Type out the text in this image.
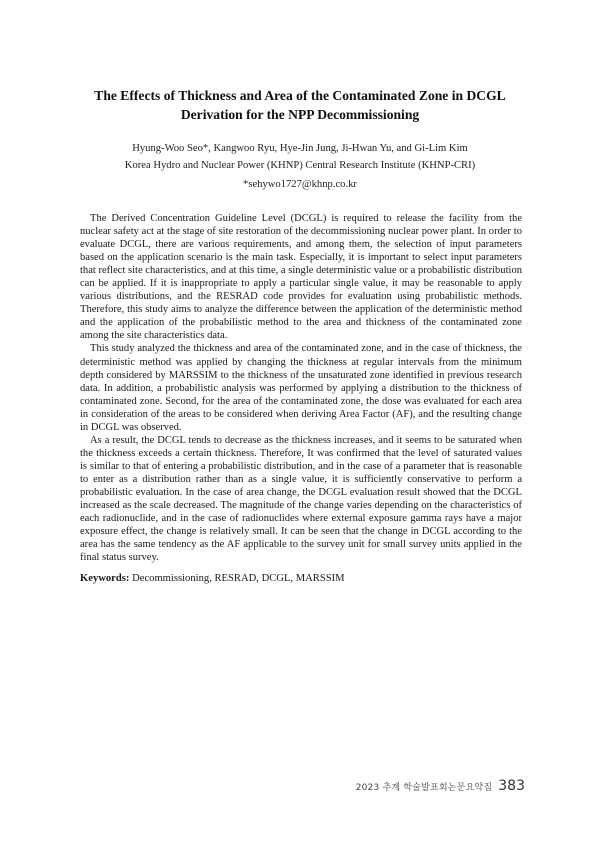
The Effects of Thickness and Area of the Contaminated Zone in DCGL
Derivation for the NPP Decommissioning
Hyung-Woo Seo*, Kangwoo Ryu, Hye-Jin Jung, Ji-Hwan Yu, and Gi-Lim Kim
Korea Hydro and Nuclear Power (KHNP) Central Research Institute (KHNP-CRI)
*sehywo1727@khnp.co.kr

The Derived Concentration Guideline Level (DCGL) is required to release the facility from the nuclear safety act at the stage of site restoration of the decommissioning nuclear power plant. In order to evaluate DCGL, there are various requirements, and among them, the selection of input parameters based on the application scenario is the main task. Especially, it is important to select input parameters that reflect site characteristics, and at this time, a single deterministic value or a probabilistic distribution can be applied. If it is inappropriate to apply a particular single value, it may be reasonable to apply various distributions, and the RESRAD code provides for evaluation using probabilistic methods. Therefore, this study aims to analyze the difference between the application of the deterministic method and the application of the probabilistic method to the area and thickness of the contaminated zone among the site characteristics data.

This study analyzed the thickness and area of the contaminated zone, and in the case of thickness, the deterministic method was applied by changing the thickness at regular intervals from the minimum depth considered by MARSSIM to the thickness of the unsaturated zone identified in previous research data. In addition, a probabilistic analysis was performed by applying a distribution to the thickness of contaminated zone. Second, for the area of the contaminated zone, the dose was evaluated for each area in consideration of the areas to be considered when deriving Area Factor (AF), and the resulting change in DCGL was observed.

As a result, the DCGL tends to decrease as the thickness increases, and it seems to be saturated when the thickness exceeds a certain thickness. Therefore, It was confirmed that the level of saturated values is similar to that of entering a probabilistic distribution, and in the case of a parameter that is reasonable to enter as a distribution rather than as a single value, it is sufficiently conservative to perform a probabilistic evaluation. In the case of area change, the DCGL evaluation result showed that the DCGL increased as the scale decreased. The magnitude of the change varies depending on the characteristics of each radionuclide, and in the case of radionuclides where external exposure gamma rays have a major exposure effect, the change is relatively small. It can be seen that the change in DCGL according to the area has the same tendency as the AF applicable to the survey unit for small survey units applied in the final status survey.

Keywords: Decommissioning, RESRAD, DCGL, MARSSIM
2023 추계 학술발표회논문요약집 383
